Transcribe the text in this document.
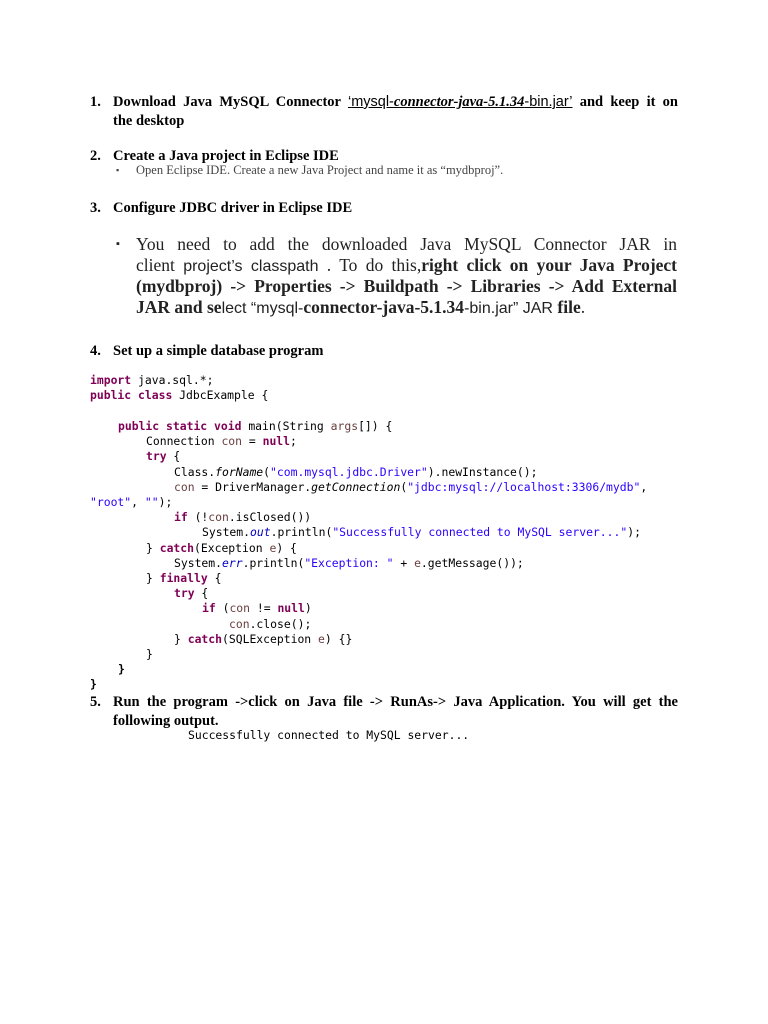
1. Download Java MySQL Connector ‘mysql-connector-java-5.1.34-bin.jar’ and keep it on
the desktop
2. Create a Java project in Eclipse IDE
▪ Open Eclipse IDE. Create a new Java Project and name it as “mydbproj”.
3. Configure JDBC driver in Eclipse IDE
▪ You need to add the downloaded Java MySQL Connector JAR in
client project’s classpath . To do this,right click on your Java Project
(mydbproj) -> Properties -> Buildpath -> Libraries -> Add External
JAR and select “mysql-connector-java-5.1.34-bin.jar” JAR file.
4. Set up a simple database program
import java.sql.*;
public class JdbcExample {
public static void main(String args[]) {
Connection con = null;
try {
Class.forName("com.mysql.jdbc.Driver").newInstance();
con = DriverManager.getConnection("jdbc:mysql://localhost:3306/mydb",
"root", "");
if (!con.isClosed())
System.out.println("Successfully connected to MySQL server...");
} catch(Exception e) {
System.err.println("Exception: " + e.getMessage());
} finally {
try {
if (con != null)
con.close();
} catch(SQLException e) {}
}
}
}
5. Run the program ->click on Java file -> RunAs-> Java Application. You will get the
following output.
Successfully connected to MySQL server...
